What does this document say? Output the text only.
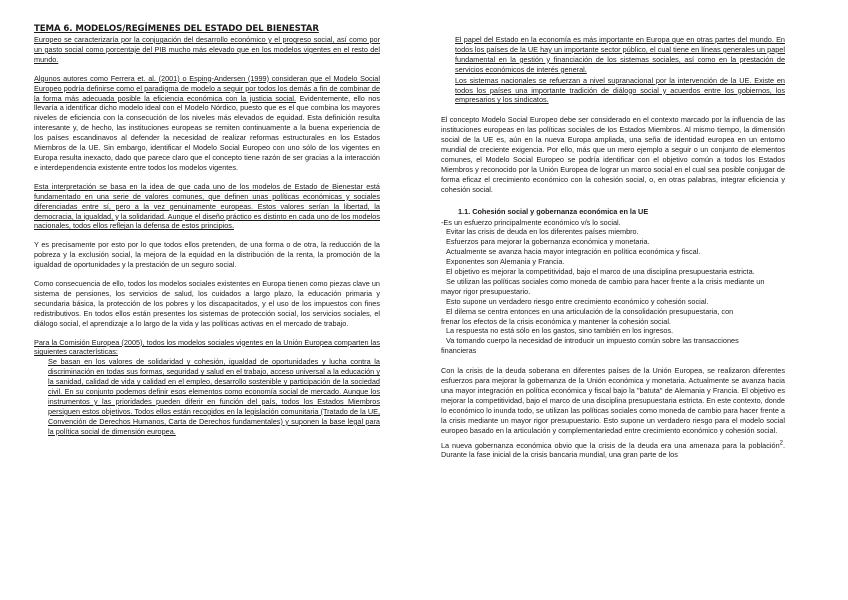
TEMA 6. MODELOS/REGÍMENES DEL ESTADO DEL BIENESTAR

Europeo se caracterizaría por la conjugación del desarrollo económico y el progreso social, así como por un gasto social como porcentaje del PIB mucho más elevado que en los modelos vigentes en el resto del mundo.

Algunos autores como Ferrera et. al. (2001) o Esping-Andersen (1999) consideran que el Modelo Social Europeo podría definirse como el paradigma de modelo a seguir por todos los demás a fin de combinar de la forma más adecuada posible la eficiencia económica con la justicia social. Evidentemente, ello nos llevaría a identificar dicho modelo ideal con el Modelo Nórdico, puesto que es el que combina los mayores niveles de eficiencia con la consecución de los niveles más elevados de equidad. Esta definición resulta interesante y, de hecho, las instituciones europeas se remiten continuamente a la buena experiencia de los países escandinavos al defender la necesidad de realizar reformas estructurales en los Estados Miembros de la UE. Sin embargo, identificar el Modelo Social Europeo con uno sólo de los vigentes en Europa resulta inexacto, dado que parece claro que el concepto tiene razón de ser gracias a la interacción e interdependencia existente entre todos los modelos vigentes.

Esta interpretación se basa en la idea de que cada uno de los modelos de Estado de Bienestar está fundamentado en una serie de valores comunes, que definen unas políticas económicas y sociales diferenciadas entre sí, pero a la vez genuinamente europeas. Estos valores serían la libertad, la democracia, la igualdad, y la solidaridad. Aunque el diseño práctico es distinto en cada uno de los modelos nacionales, todos ellos reflejan la defensa de estos principios.

Y es precisamente por esto por lo que todos ellos pretenden, de una forma o de otra, la reducción de la pobreza y la exclusión social, la mejora de la equidad en la distribución de la renta, la promoción de la igualdad de oportunidades y la prestación de un seguro social.

Como consecuencia de ello, todos los modelos sociales existentes en Europa tienen como piezas clave un sistema de pensiones, los servicios de salud, los cuidados a largo plazo, la educación primaria y secundaria básica, la protección de los pobres y los discapacitados, y el uso de los impuestos con fines redistributivos. En todos ellos están presentes los sistemas de protección social, los servicios sociales, el diálogo social, el aprendizaje a lo largo de la vida y las políticas activas en el mercado de trabajo.

Para la Comisión Europea (2005), todos los modelos sociales vigentes en la Unión Europea comparten las siguientes características:

Se basan en los valores de solidaridad y cohesión, igualdad de oportunidades y lucha contra la discriminación en todas sus formas, seguridad y salud en el trabajo, acceso universal a la educación y la sanidad, calidad de vida y calidad en el empleo, desarrollo sostenible y participación de la sociedad civil. En su conjunto podemos definir esos elementos como economía social de mercado. Aunque los instrumentos y las prioridades pueden diferir en función del país, todos los Estados Miembros persiguen estos objetivos. Todos ellos están recogidos en la legislación comunitaria (Tratado de la UE, Convención de Derechos Humanos, Carta de Derechos fundamentales) y suponen la base legal para la política social de dimensión europea.

El papel del Estado en la economía es más importante en Europa que en otras partes del mundo. En todos los países de la UE hay un importante sector público, el cual tiene en líneas generales un papel fundamental en la gestión y financiación de los sistemas sociales, así como en la prestación de servicios económicos de interés general.

Los sistemas nacionales se refuerzan a nivel supranacional por la intervención de la UE. Existe en todos los países una importante tradición de diálogo social y acuerdos entre los gobiernos, los empresarios y los sindicatos.

El concepto Modelo Social Europeo debe ser considerado en el contexto marcado por la influencia de las instituciones europeas en las políticas sociales de los Estados Miembros. Al mismo tiempo, la dimensión social de la UE es, aún en la nueva Europa ampliada, una seña de identidad europea en un entorno mundial de creciente exigencia. Por ello, más que un mero ejemplo a seguir o un conjunto de elementos comunes, el Modelo Social Europeo se podría identificar con el objetivo común a todos los Estados Miembros y reconocido por la Unión Europea de lograr un marco social en el cual sea posible conjugar de forma eficaz el crecimiento económico con la cohesión social, o, en otras palabras, integrar eficiencia y cohesión social.

1.1. Cohesión social y gobernanza económica en la UE
-Es un esfuerzo principalmente económico v/s lo social.
Evitar las crisis de deuda en los diferentes países miembro.
Esfuerzos para mejorar la gobernanza económica y monetaria.
Actualmente se avanza hacia mayor integración en política económica y fiscal.
Exponentes son Alemania y Francia.
El objetivo es mejorar la competitividad, bajo el marco de una disciplina presupuestaria estricta.
Se utilizan las políticas sociales como moneda de cambio para hacer frente a la crisis mediante un
mayor rigor presupuestario.
Esto supone un verdadero riesgo entre crecimiento económico y cohesión social.
El dilema se centra entonces en una articulación de la consolidación presupuestaria, con
frenar los efectos de la crisis económica y mantener la cohesión social.
La respuesta no está sólo en los gastos, sino también en los ingresos.
Va tomando cuerpo la necesidad de introducir un impuesto común sobre las transacciones
financieras

Con la crisis de la deuda soberana en diferentes países de la Unión Europea, se realizaron diferentes esfuerzos para mejorar la gobernanza de la Unión económica y monetaria. Actualmente se avanza hacia una mayor integración en política económica y fiscal bajo la "batuta" de Alemania y Francia. El objetivo es mejorar la competitividad, bajo el marco de una disciplina presupuestaria estricta. En este contexto, donde lo económico lo inunda todo, se utilizan las políticas sociales como moneda de cambio para hacer frente a la crisis mediante un mayor rigor presupuestario. Esto supone un verdadero riesgo para el modelo social europeo basado en la articulación y complementariedad entre crecimiento económico y cohesión social.

La nueva gobernanza económica obvio que la crisis de la deuda era una amenaza para la población$^2$. Durante la fase inicial de la crisis bancaria mundial, una gran parte de los
